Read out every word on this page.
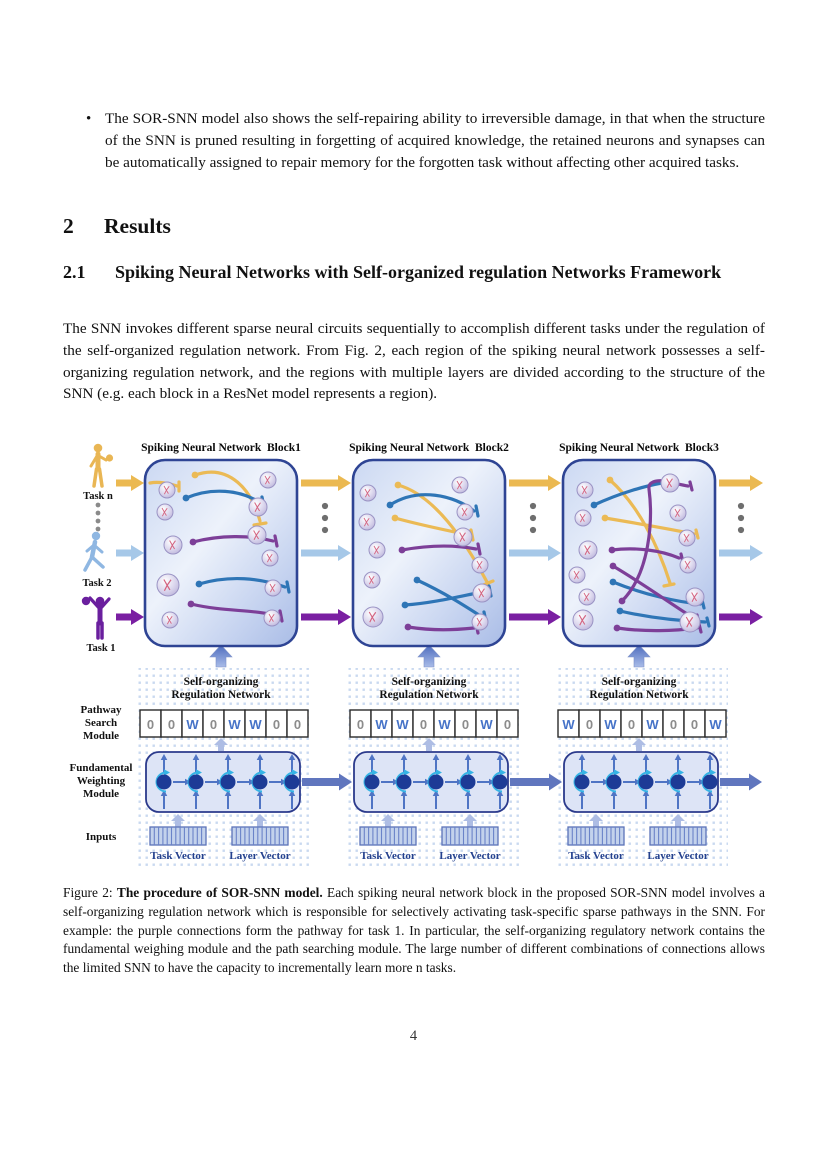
• The SOR-SNN model also shows the self-repairing ability to irreversible damage, in that when the structure of the SNN is pruned resulting in forgetting of acquired knowledge, the retained neurons and synapses can be automatically assigned to repair memory for the forgotten task without affecting other acquired tasks.
2 Results
2.1 Spiking Neural Networks with Self-organized regulation Networks Framework
The SNN invokes different sparse neural circuits sequentially to accomplish different tasks under the regulation of the self-organized regulation network. From Fig. 2, each region of the spiking neural network possesses a self-organizing regulation network, and the regions with multiple layers are divided according to the structure of the SNN (e.g. each block in a ResNet model represents a region).
Pathway
Search
Module
Fundamental
Weighting
Module
Inputs
Task n
Task 2
Task 1
Spiking Neural Network  Block1
Self-organizing
Regulation Network
0 0 W 0 W W 0 0
Task Vector Layer Vector
Spiking Neural Network  Block2
Self-organizing
Regulation Network
0 W W 0 W 0 W 0
Task Vector Layer Vector
Spiking Neural Network  Block3
Self-organizing
Regulation Network
W 0 W 0 W 0 0 W
Task Vector Layer Vector
Figure 2: The procedure of SOR-SNN model. Each spiking neural network block in the proposed SOR-SNN model involves a self-organizing regulation network which is responsible for selectively activating task-specific sparse pathways in the SNN. For example: the purple connections form the pathway for task 1. In particular, the self-organizing regulatory network contains the fundamental weighing module and the path searching module. The large number of different combinations of connections allows the limited SNN to have the capacity to incrementally learn more n tasks.
4
